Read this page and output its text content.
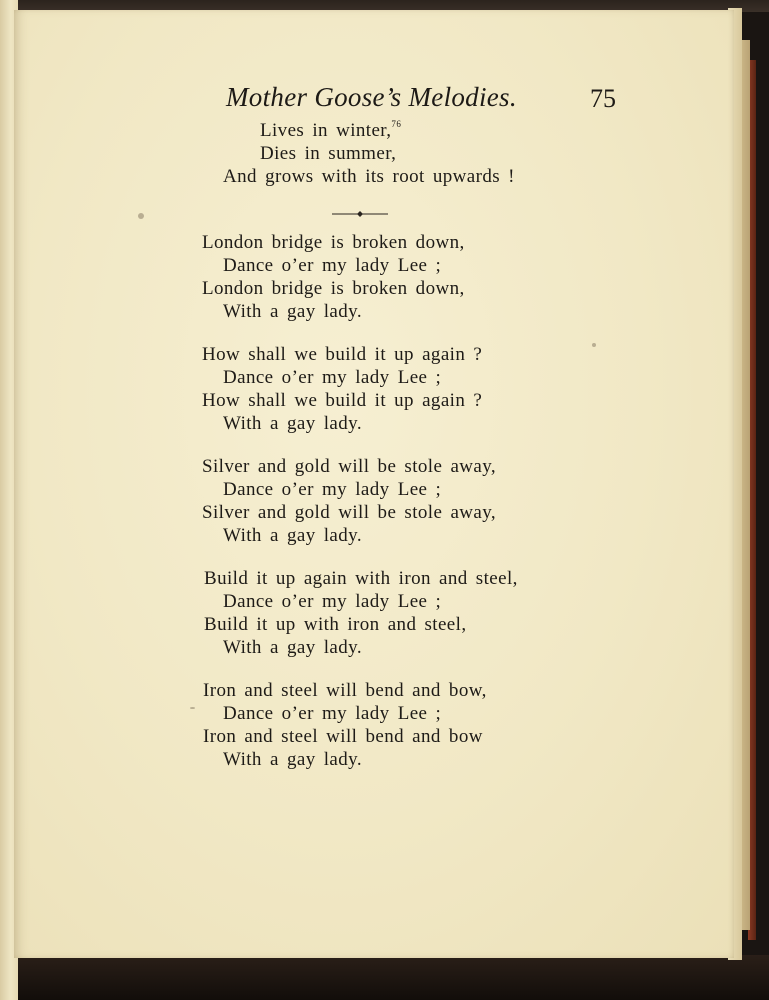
Mother Goose’s Melodies.	75
Lives in winter,$^{76}$
Dies in summer,
And grows with its root upwards !
London bridge is broken down,
Dance o’er my lady Lee ;
London bridge is broken down,
With a gay lady.
How shall we build it up again ?
Dance o’er my lady Lee ;
How shall we build it up again ?
With a gay lady.
Silver and gold will be stole away,
Dance o’er my lady Lee ;
Silver and gold will be stole away,
With a gay lady.
Build it up again with iron and steel,
Dance o’er my lady Lee ;
Build it up with iron and steel,
With a gay lady.
Iron and steel will bend and bow,
Dance o’er my lady Lee ;
Iron and steel will bend and bow
With a gay lady.
